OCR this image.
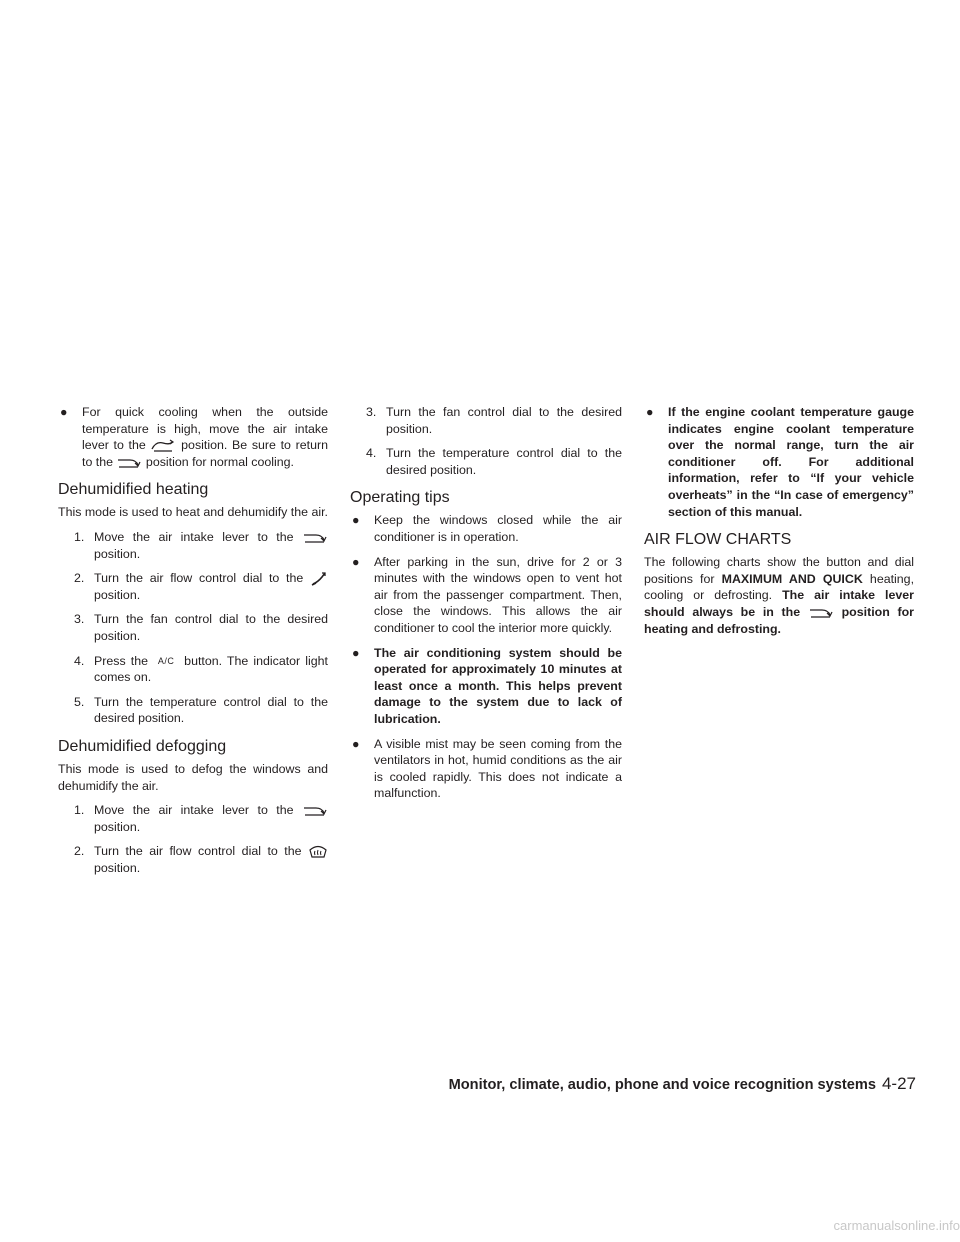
● For quick cooling when the outside temperature is high, move the air intake lever to the	position. Be sure to return to the	position for normal cooling.

Dehumidified heating

This mode is used to heat and dehumidify the air.

1. Move the air intake lever to the
position.

2. Turn the air flow control dial to the
position.

3. Turn the fan control dial to the desired position.

4. Press the A/C button. The indicator light comes on.

5. Turn the temperature control dial to the desired position.

Dehumidified defogging

This mode is used to defog the windows and dehumidify the air.

1. Move the air intake lever to the
position.

2. Turn the air flow control dial to the
position.

3. Turn the fan control dial to the desired position.

4. Turn the temperature control dial to the desired position.

Operating tips
● Keep the windows closed while the air conditioner is in operation.

● After parking in the sun, drive for 2 or 3 minutes with the windows open to vent hot air from the passenger compartment. Then, close the windows. This allows the air conditioner to cool the interior more quickly.

● The air conditioning system should be operated for approximately 10 minutes at least once a month. This helps prevent damage to the system due to lack of lubrication.

● A visible mist may be seen coming from the ventilators in hot, humid conditions as the air is cooled rapidly. This does not indicate a malfunction.

● If the engine coolant temperature gauge indicates engine coolant temperature over the normal range, turn the air conditioner off. For additional information, refer to “If your vehicle overheats” in the “In case of emergency” section of this manual.

AIR FLOW CHARTS

The following charts show the button and dial positions for MAXIMUM AND QUICK heating, cooling or defrosting. The air intake lever should always be in the	position for heating and defrosting.

Monitor, climate, audio, phone and voice recognition systems 4-27
carmanualsonline.info
